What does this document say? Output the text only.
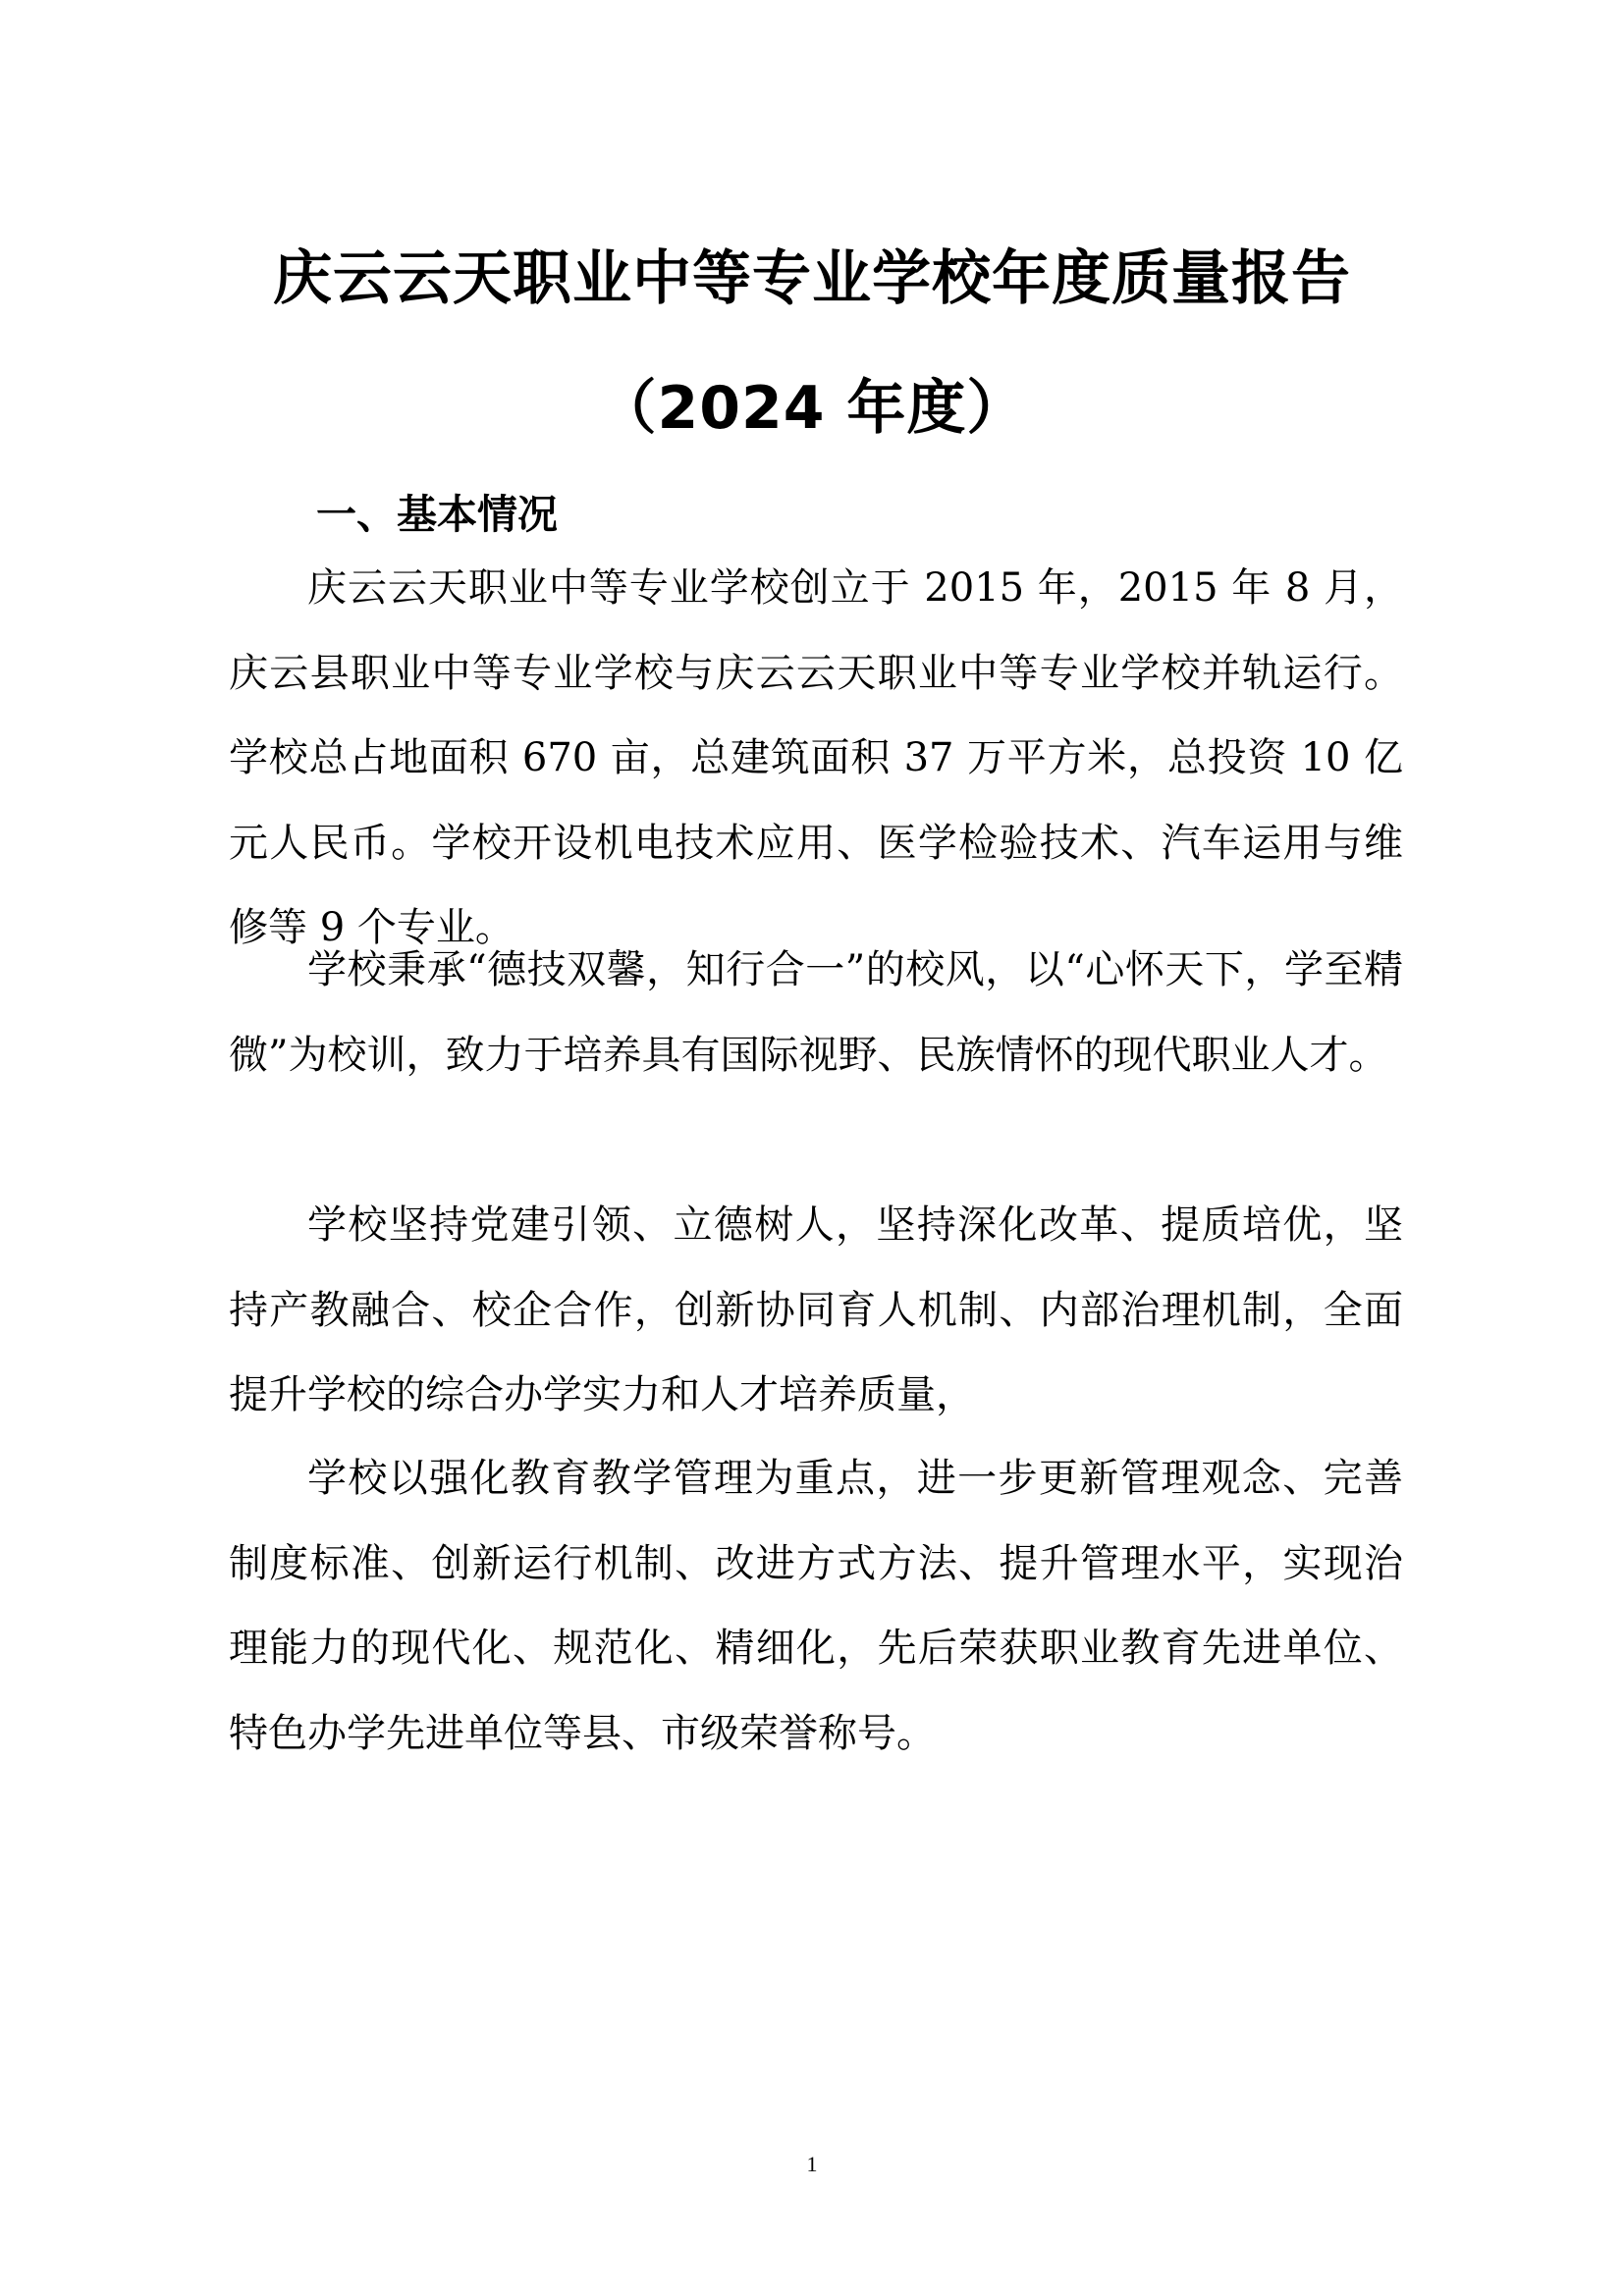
庆云云天职业中等专业学校年度质量报告
（2024 年度）
一、基本情况

庆云云天职业中等专业学校创立于 2015 年，2015 年 8 月，庆云县职业中等专业学校与庆云云天职业中等专业学校并轨运行。学校总占地面积 670 亩，总建筑面积 37 万平方米，总投资 10 亿元人民币。学校开设机电技术应用、医学检验技术、汽车运用与维修等 9 个专业。

学校秉承“德技双馨，知行合一”的校风，以“心怀天下，学至精微”为校训，致力于培养具有国际视野、民族情怀的现代职业人才。

学校坚持党建引领、立德树人，坚持深化改革、提质培优，坚持产教融合、校企合作，创新协同育人机制、内部治理机制，全面提升学校的综合办学实力和人才培养质量，

学校以强化教育教学管理为重点，进一步更新管理观念、完善制度标准、创新运行机制、改进方式方法、提升管理水平，实现治理能力的现代化、规范化、精细化，先后荣获职业教育先进单位、特色办学先进单位等县、市级荣誉称号。

1
